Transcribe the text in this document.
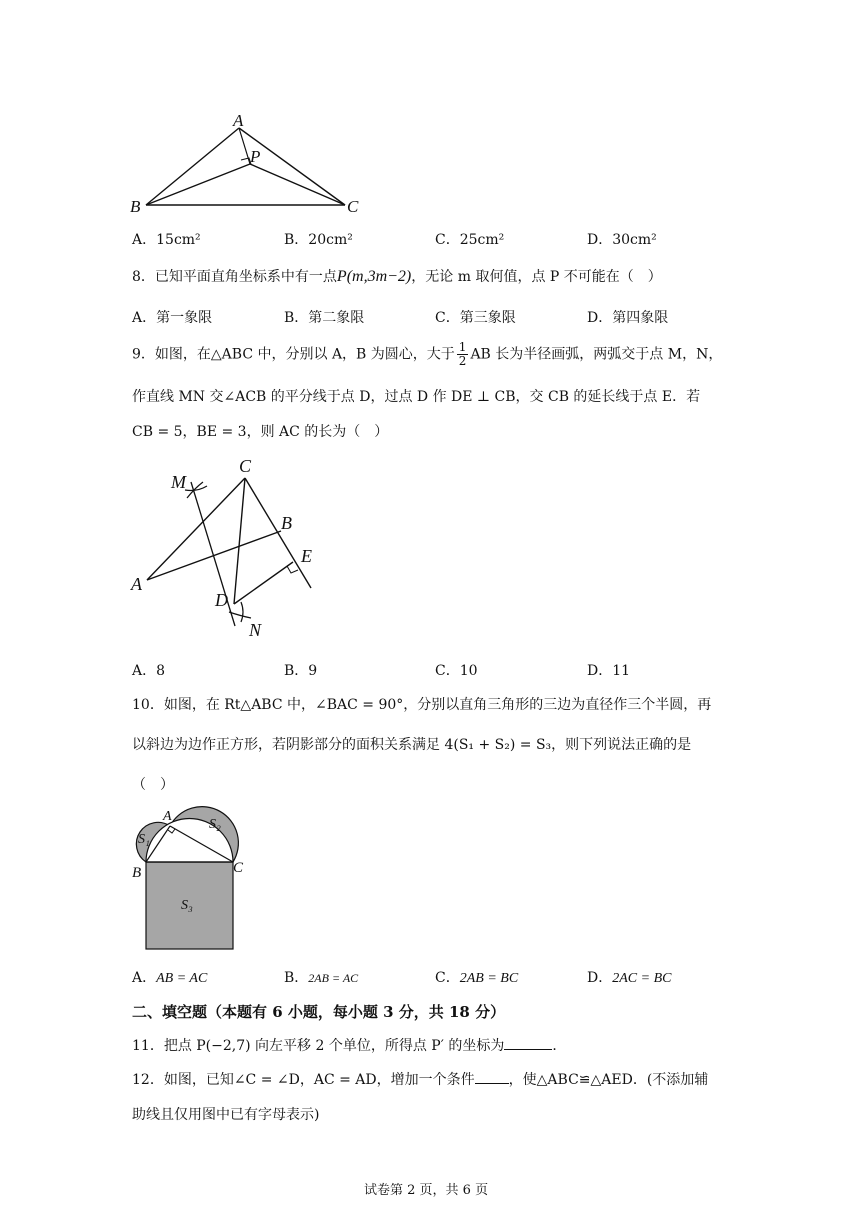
A
P
B	C
A．15cm²	B．20cm²	C．25cm²	D．30cm²
8．已知平面直角坐标系中有一点P(m,3m−2)，无论 m 取何值，点 P 不可能在（　）
A．第一象限	B．第二象限	C．第三象限	D．第四象限
9．如图，在△ABC 中，分别以 A，B 为圆心，大于 $\frac{1}{2}$ AB 长为半径画弧，两弧交于点 M，N，
作直线 MN 交∠ACB 的平分线于点 D，过点 D 作 DE ⊥ CB，交 CB 的延长线于点 E．若
CB = 5，BE = 3，则 AC 的长为（　）
C
M
B
E
A
D
N
A．8	B．9	C．10	D．11
10．如图，在 Rt△ABC 中，∠BAC = 90°，分别以直角三角形的三边为直径作三个半圆，再
以斜边为边作正方形，若阴影部分的面积关系满足 4(S₁ + S₂) = S₃，则下列说法正确的是
（　）
A
S₁
S₂
B	C
S₃
A．AB = AC	B．2AB = AC	C．2AB = BC	D．2AC = BC
二、填空题（本题有 6 小题，每小题 3 分，共 18 分）
11．把点 P(−2,7) 向左平移 2 个单位，所得点 P′ 的坐标为	．
12．如图，已知∠C = ∠D，AC = AD，增加一个条件 ，使△ABC≌△AED．(不添加辅
助线且仅用图中已有字母表示)
试卷第 2 页，共 6 页
